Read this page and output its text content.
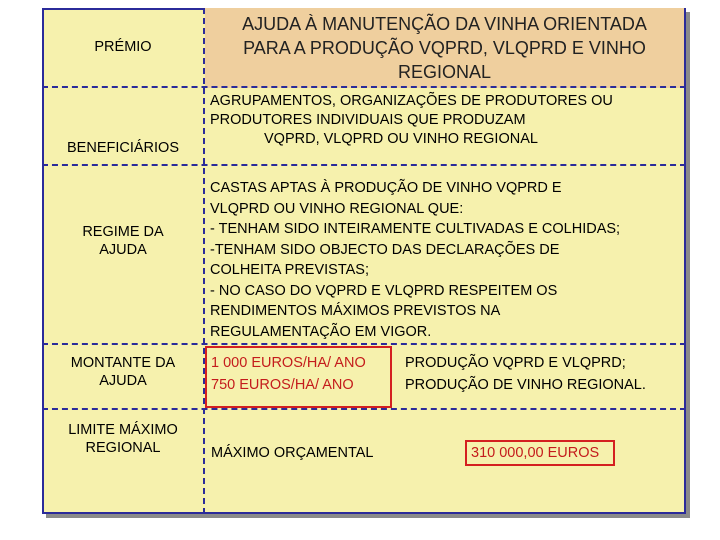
AJUDA À MANUTENÇÃO DA VINHA ORIENTADA
PARA A PRODUÇÃO VQPRD, VLQPRD E VINHO
REGIONAL
PRÉMIO
BENEFICIÁRIOS
AGRUPAMENTOS, ORGANIZAÇÕES DE PRODUTORES OU
PRODUTORES INDIVIDUAIS QUE PRODUZAM
VQPRD, VLQPRD OU VINHO REGIONAL
REGIME DA
AJUDA
CASTAS APTAS À PRODUÇÃO DE VINHO VQPRD E
VLQPRD OU VINHO REGIONAL QUE:
- TENHAM SIDO INTEIRAMENTE CULTIVADAS E COLHIDAS;
-TENHAM SIDO OBJECTO DAS DECLARAÇÕES DE
COLHEITA PREVISTAS;
- NO CASO DO VQPRD E VLQPRD RESPEITEM OS
RENDIMENTOS MÁXIMOS PREVISTOS NA
REGULAMENTAÇÃO EM VIGOR.
MONTANTE DA
AJUDA
1 000 EUROS/HA/ ANO
750 EUROS/HA/ ANO
PRODUÇÃO VQPRD E VLQPRD;
PRODUÇÃO DE VINHO REGIONAL.
LIMITE MÁXIMO
REGIONAL	MÁXIMO ORÇAMENTAL	310 000,00 EUROS
